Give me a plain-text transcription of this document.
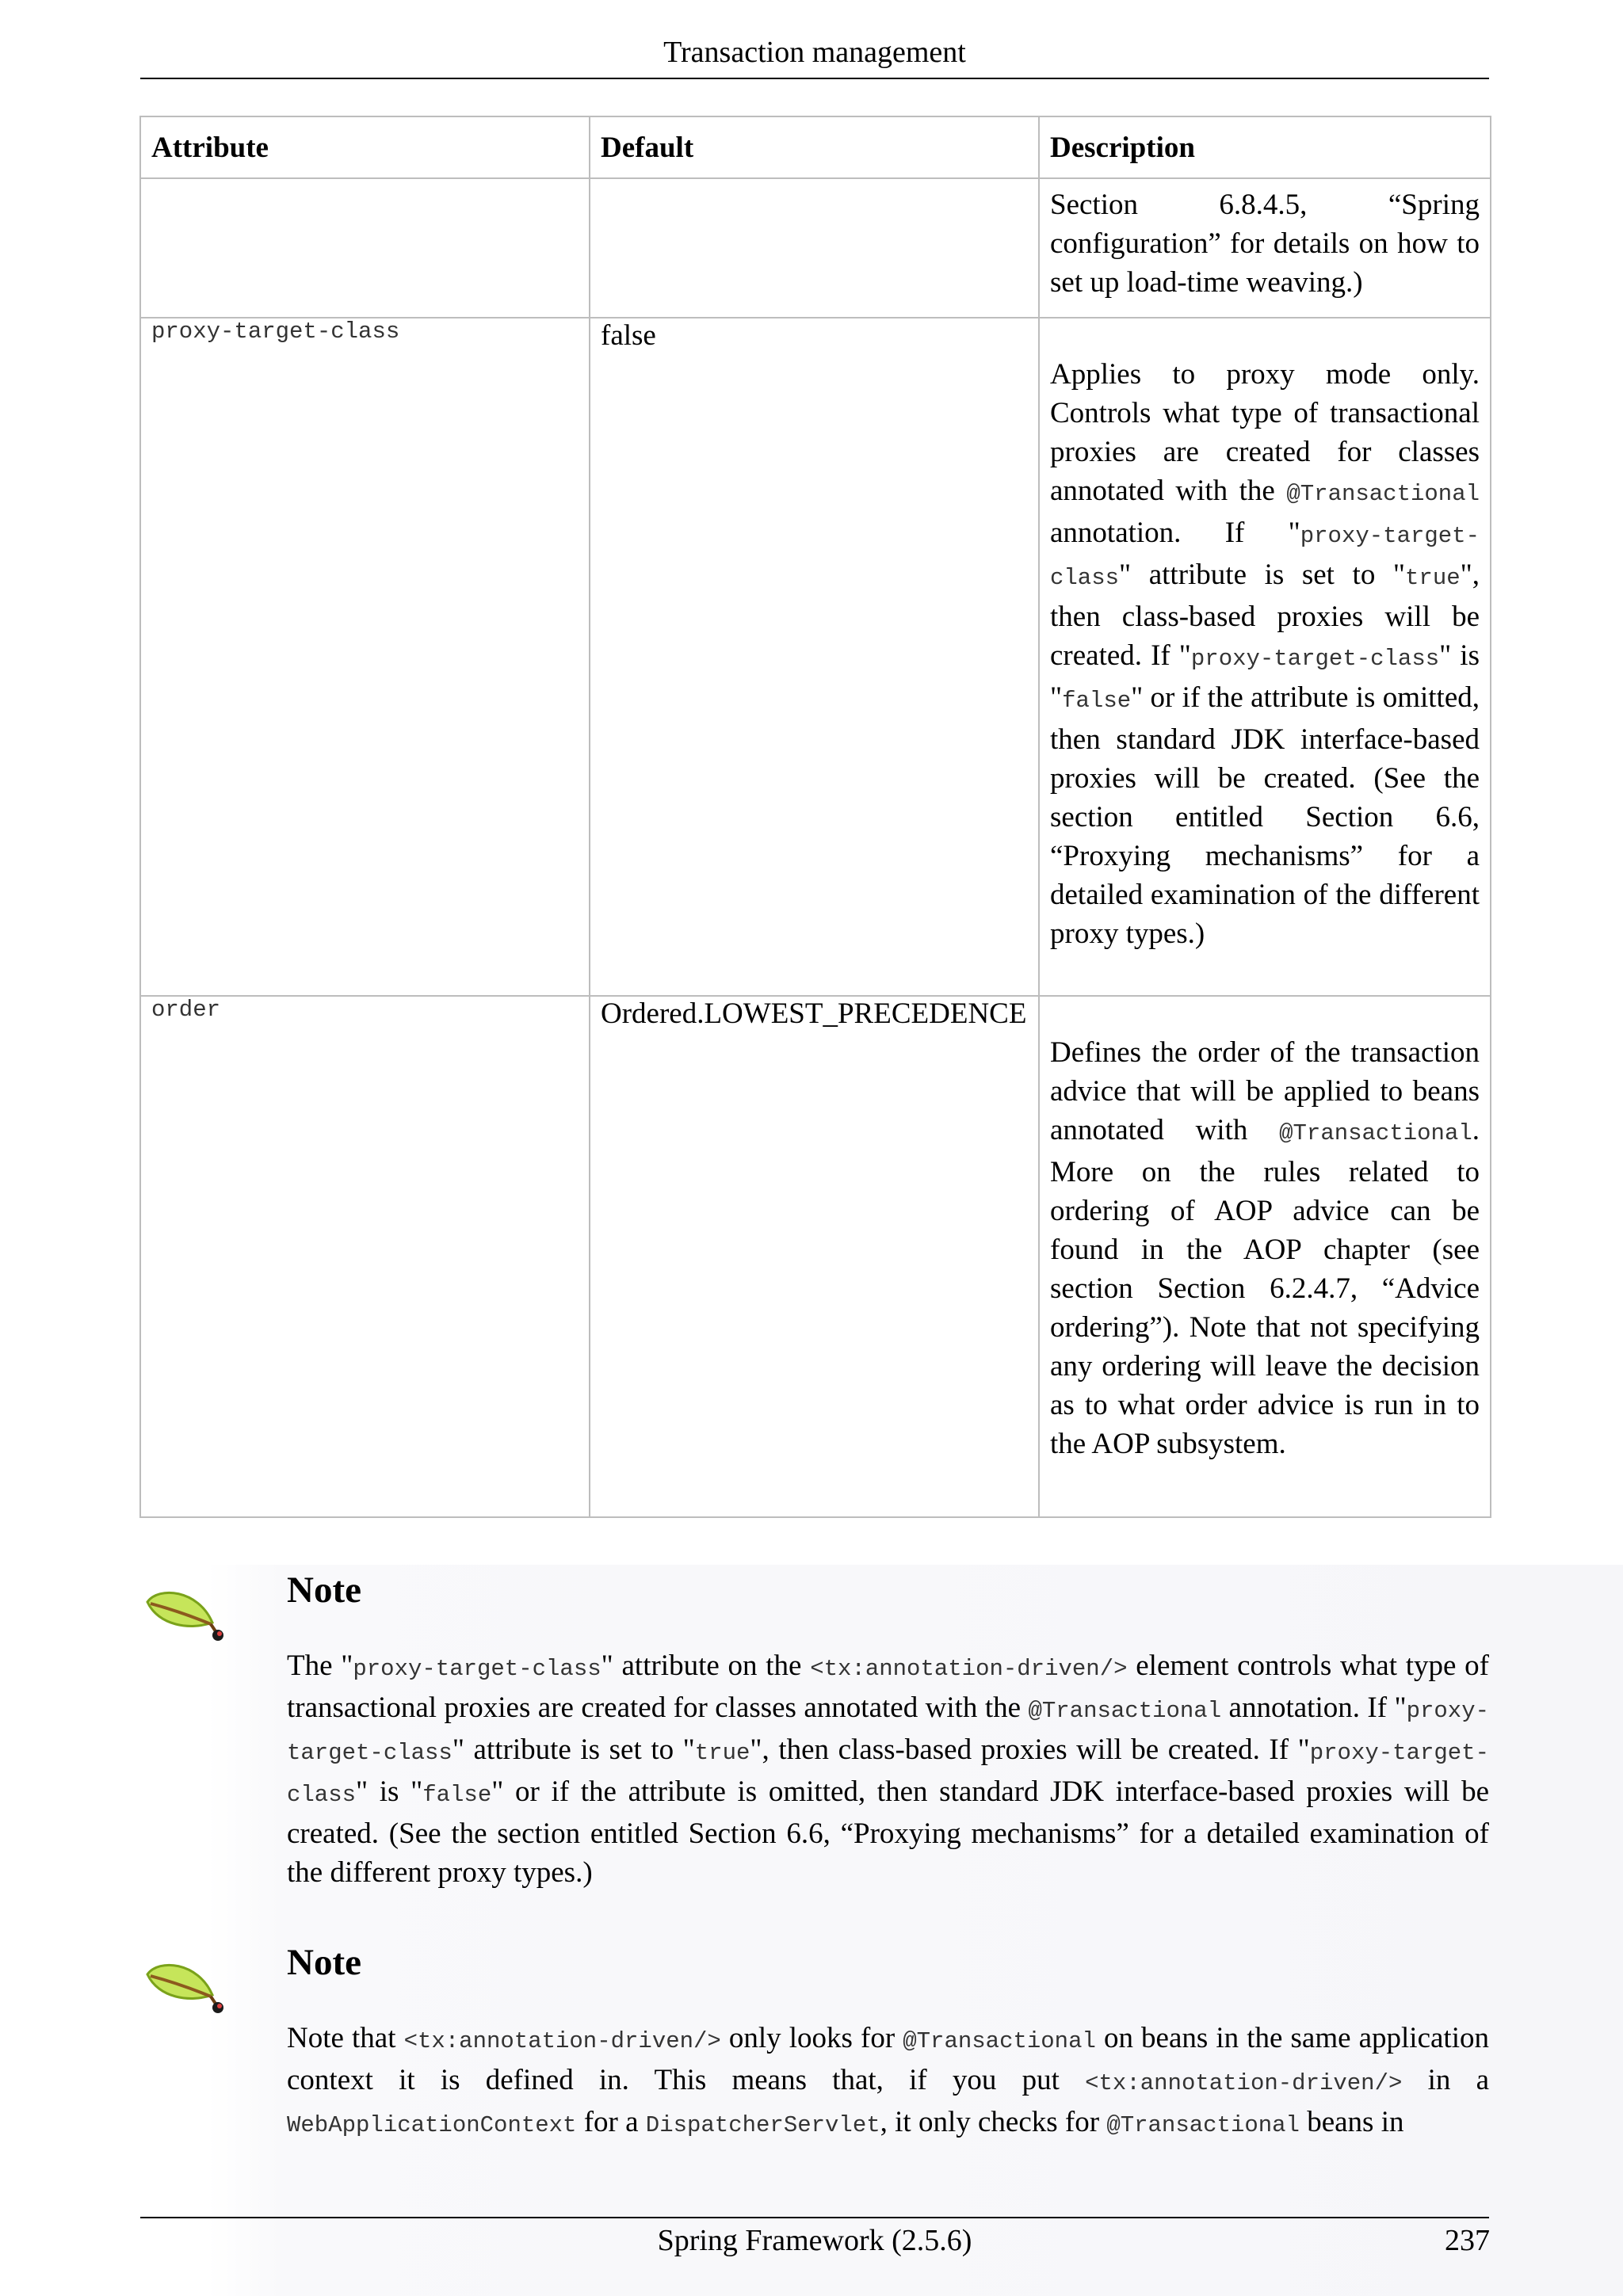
Transaction management
Attribute	Default	Description
		Section 6.8.4.5, “Spring configuration” for details on how to set up load-time weaving.)
proxy-target-class	false	Applies to proxy mode only. Controls what type of transactional proxies are created for classes annotated with the @Transactional annotation. If "proxy-target-class" attribute is set to "true", then class-based proxies will be created. If "proxy-target-class" is "false" or if the attribute is omitted, then standard JDK interface-based proxies will be created. (See the section entitled Section 6.6, “Proxying mechanisms” for a detailed examination of the different proxy types.)
order	Ordered.LOWEST_PRECEDENCE	Defines the order of the transaction advice that will be applied to beans annotated with @Transactional. More on the rules related to ordering of AOP advice can be found in the AOP chapter (see section Section 6.2.4.7, “Advice ordering”). Note that not specifying any ordering will leave the decision as to what order advice is run in to the AOP subsystem.
Note
The "proxy-target-class" attribute on the <tx:annotation-driven/> element controls what type of transactional proxies are created for classes annotated with the @Transactional annotation. If "proxy-target-class" attribute is set to "true", then class-based proxies will be created. If "proxy-target-class" is "false" or if the attribute is omitted, then standard JDK interface-based proxies will be created. (See the section entitled Section 6.6, “Proxying mechanisms” for a detailed examination of the different proxy types.)
Note
Note that <tx:annotation-driven/> only looks for @Transactional on beans in the same application context it is defined in. This means that, if you put <tx:annotation-driven/> in a WebApplicationContext for a DispatcherServlet, it only checks for @Transactional beans in
Spring Framework (2.5.6)	237
